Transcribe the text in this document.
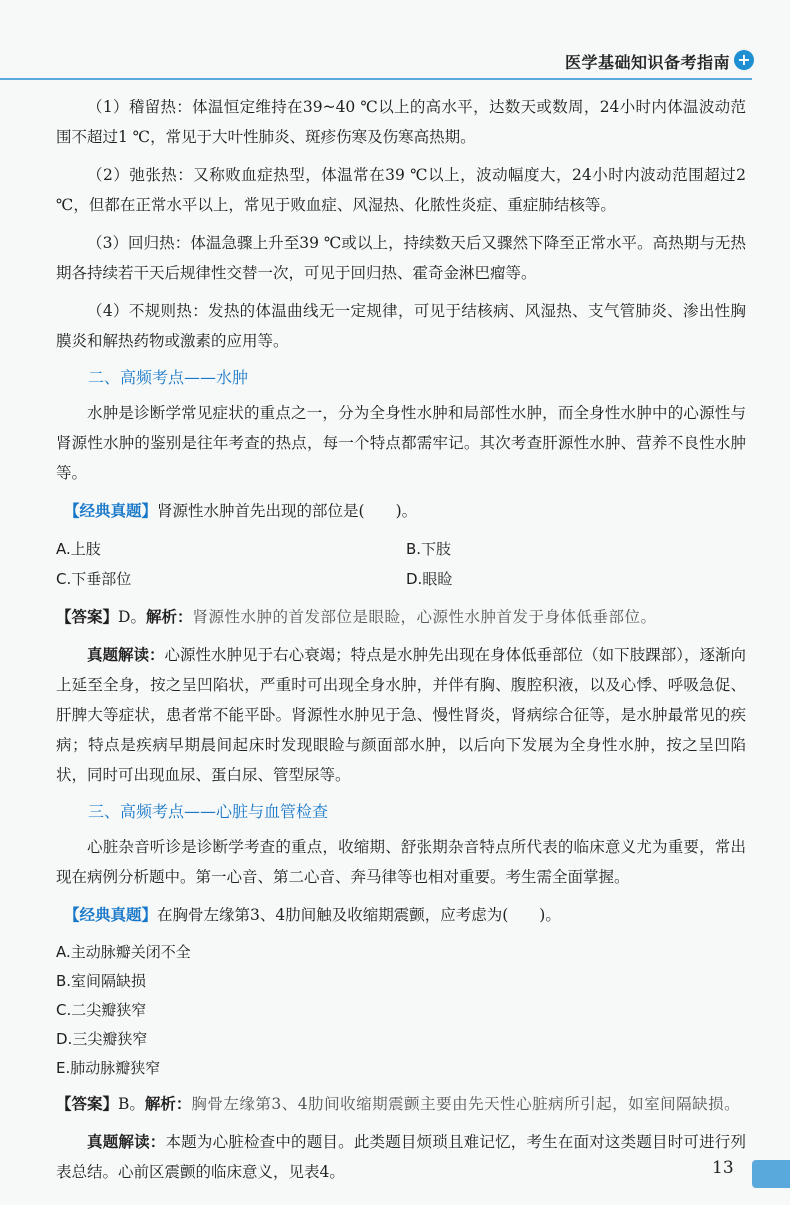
医学基础知识备考指南 +

（1）稽留热：体温恒定维持在39~40 ℃以上的高水平，达数天或数周，24小时内体温波动范围不超过1 ℃，常见于大叶性肺炎、斑疹伤寒及伤寒高热期。

（2）弛张热：又称败血症热型，体温常在39 ℃以上，波动幅度大，24小时内波动范围超过2 ℃，但都在正常水平以上，常见于败血症、风湿热、化脓性炎症、重症肺结核等。

（3）回归热：体温急骤上升至39 ℃或以上，持续数天后又骤然下降至正常水平。高热期与无热期各持续若干天后规律性交替一次，可见于回归热、霍奇金淋巴瘤等。

（4）不规则热：发热的体温曲线无一定规律，可见于结核病、风湿热、支气管肺炎、渗出性胸膜炎和解热药物或激素的应用等。

二、高频考点——水肿

水肿是诊断学常见症状的重点之一，分为全身性水肿和局部性水肿，而全身性水肿中的心源性与肾源性水肿的鉴别是往年考查的热点，每一个特点都需牢记。其次考查肝源性水肿、营养不良性水肿等。

【经典真题】肾源性水肿首先出现的部位是(　　)。

A.上肢	B.下肢
C.下垂部位	D.眼睑

【答案】D。解析：肾源性水肿的首发部位是眼睑，心源性水肿首发于身体低垂部位。

真题解读：心源性水肿见于右心衰竭；特点是水肿先出现在身体低垂部位（如下肢踝部），逐渐向上延至全身，按之呈凹陷状，严重时可出现全身水肿，并伴有胸、腹腔积液，以及心悸、呼吸急促、肝脾大等症状，患者常不能平卧。肾源性水肿见于急、慢性肾炎，肾病综合征等，是水肿最常见的疾病；特点是疾病早期晨间起床时发现眼睑与颜面部水肿，以后向下发展为全身性水肿，按之呈凹陷状，同时可出现血尿、蛋白尿、管型尿等。

三、高频考点——心脏与血管检查

心脏杂音听诊是诊断学考查的重点，收缩期、舒张期杂音特点所代表的临床意义尤为重要，常出现在病例分析题中。第一心音、第二心音、奔马律等也相对重要。考生需全面掌握。

【经典真题】在胸骨左缘第3、4肋间触及收缩期震颤，应考虑为(　　)。

A.主动脉瓣关闭不全
B.室间隔缺损
C.二尖瓣狭窄
D.三尖瓣狭窄
E.肺动脉瓣狭窄

【答案】B。解析：胸骨左缘第3、4肋间收缩期震颤主要由先天性心脏病所引起，如室间隔缺损。

真题解读：本题为心脏检查中的题目。此类题目烦琐且难记忆，考生在面对这类题目时可进行列表总结。心前区震颤的临床意义，见表4。	13
